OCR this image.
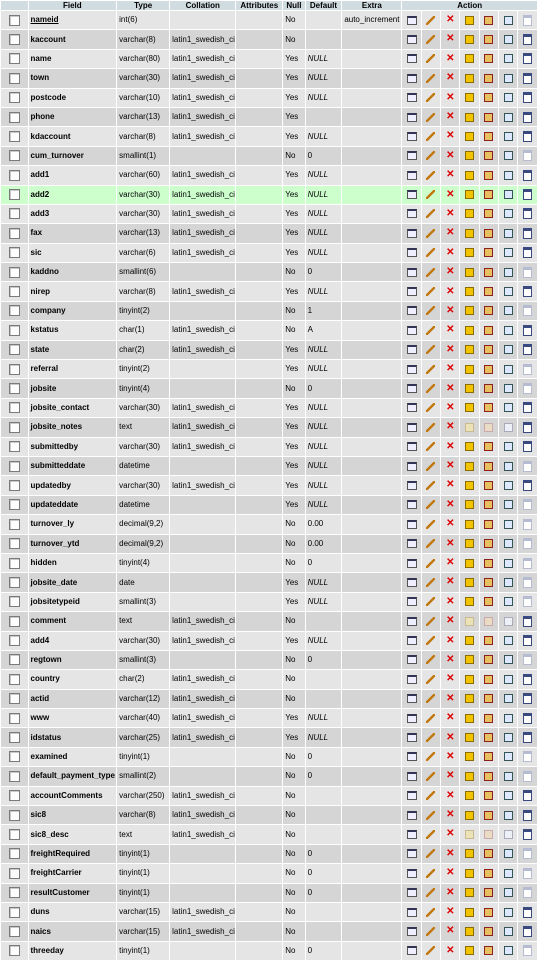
	Field	Type	Collation	Attributes	Null	Default	Extra	Action						
	nameid	int(6)			No		auto_increment			✕				
	kaccount	varchar(8)	latin1_swedish_ci		No					✕				
	name	varchar(80)	latin1_swedish_ci		Yes	NULL				✕				
	town	varchar(30)	latin1_swedish_ci		Yes	NULL				✕				
	postcode	varchar(10)	latin1_swedish_ci		Yes	NULL				✕				
	phone	varchar(13)	latin1_swedish_ci		Yes					✕				
	kdaccount	varchar(8)	latin1_swedish_ci		Yes	NULL				✕				
	cum_turnover	smallint(1)			No	0				✕				
	add1	varchar(60)	latin1_swedish_ci		Yes	NULL				✕				
	add2	varchar(30)	latin1_swedish_ci		Yes	NULL				✕				
	add3	varchar(30)	latin1_swedish_ci		Yes	NULL				✕				
	fax	varchar(13)	latin1_swedish_ci		Yes	NULL				✕				
	sic	varchar(6)	latin1_swedish_ci		Yes	NULL				✕				
	kaddno	smallint(6)			No	0				✕				
	nirep	varchar(8)	latin1_swedish_ci		Yes	NULL				✕				
	company	tinyint(2)			No	1				✕				
	kstatus	char(1)	latin1_swedish_ci		No	A				✕				
	state	char(2)	latin1_swedish_ci		Yes	NULL				✕				
	referral	tinyint(2)			Yes	NULL				✕				
	jobsite	tinyint(4)			No	0				✕				
	jobsite_contact	varchar(30)	latin1_swedish_ci		Yes	NULL				✕				
	jobsite_notes	text	latin1_swedish_ci		Yes	NULL				✕				
	submittedby	varchar(30)	latin1_swedish_ci		Yes	NULL				✕				
	submitteddate	datetime			Yes	NULL				✕				
	updatedby	varchar(30)	latin1_swedish_ci		Yes	NULL				✕				
	updateddate	datetime			Yes	NULL				✕				
	turnover_ly	decimal(9,2)			No	0.00				✕				
	turnover_ytd	decimal(9,2)			No	0.00				✕				
	hidden	tinyint(4)			No	0				✕				
	jobsite_date	date			Yes	NULL				✕				
	jobsitetypeid	smallint(3)			Yes	NULL				✕				
	comment	text	latin1_swedish_ci		No					✕				
	add4	varchar(30)	latin1_swedish_ci		Yes	NULL				✕				
	regtown	smallint(3)			No	0				✕				
	country	char(2)	latin1_swedish_ci		No					✕				
	actid	varchar(12)	latin1_swedish_ci		No					✕				
	www	varchar(40)	latin1_swedish_ci		Yes	NULL				✕				
	idstatus	varchar(25)	latin1_swedish_ci		Yes	NULL				✕				
	examined	tinyint(1)			No	0				✕				
	default_payment_type	smallint(2)			No	0				✕				
	accountComments	varchar(250)	latin1_swedish_ci		No					✕				
	sic8	varchar(8)	latin1_swedish_ci		No					✕				
	sic8_desc	text	latin1_swedish_ci		No					✕				
	freightRequired	tinyint(1)			No	0				✕				
	freightCarrier	tinyint(1)			No	0				✕				
	resultCustomer	tinyint(1)			No	0				✕				
	duns	varchar(15)	latin1_swedish_ci		No					✕				
	naics	varchar(15)	latin1_swedish_ci		No					✕				
	threeday	tinyint(1)			No	0				✕				
